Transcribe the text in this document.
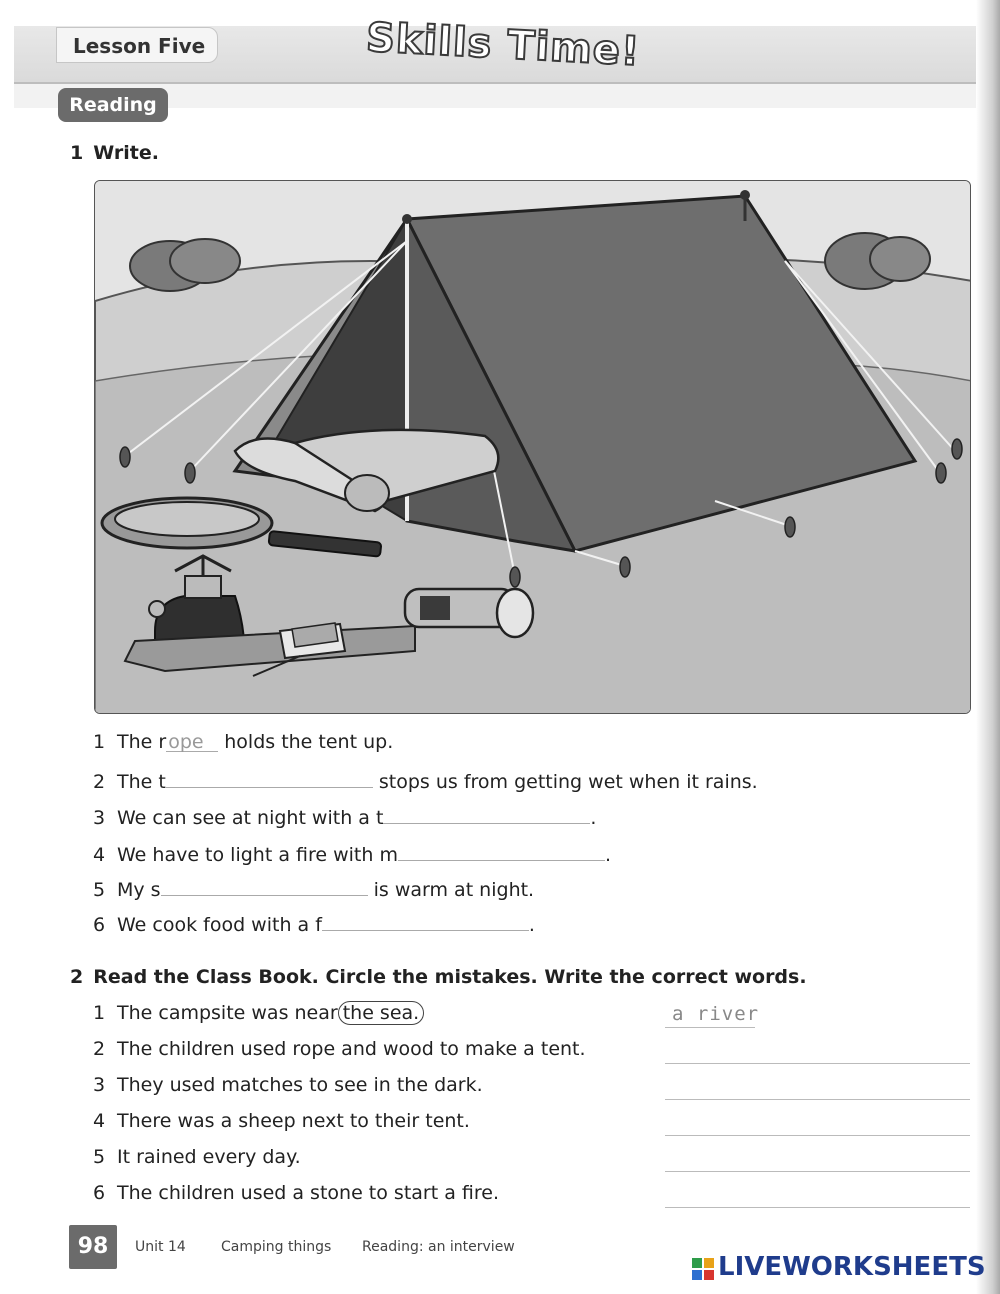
Lesson Five	Skills Time!
Reading
1 Write.
1 The r ope holds the tent up.
2 The t	stops us from getting wet when it rains.
3 We can see at night with a t	.
4 We have to light a fire with m	.
5 My s	is warm at night.
6 We cook food with a f	.
2 Read the Class Book. Circle the mistakes. Write the correct words.
1 The campsite was near the sea.	a river
2 The children used rope and wood to make a tent.
3 They used matches to see in the dark.
4 There was a sheep next to their tent.
5 It rained every day.
6 The children used a stone to start a fire.
98	Unit 14	Camping things Reading: an interview
LIVEWORKSHEETS
